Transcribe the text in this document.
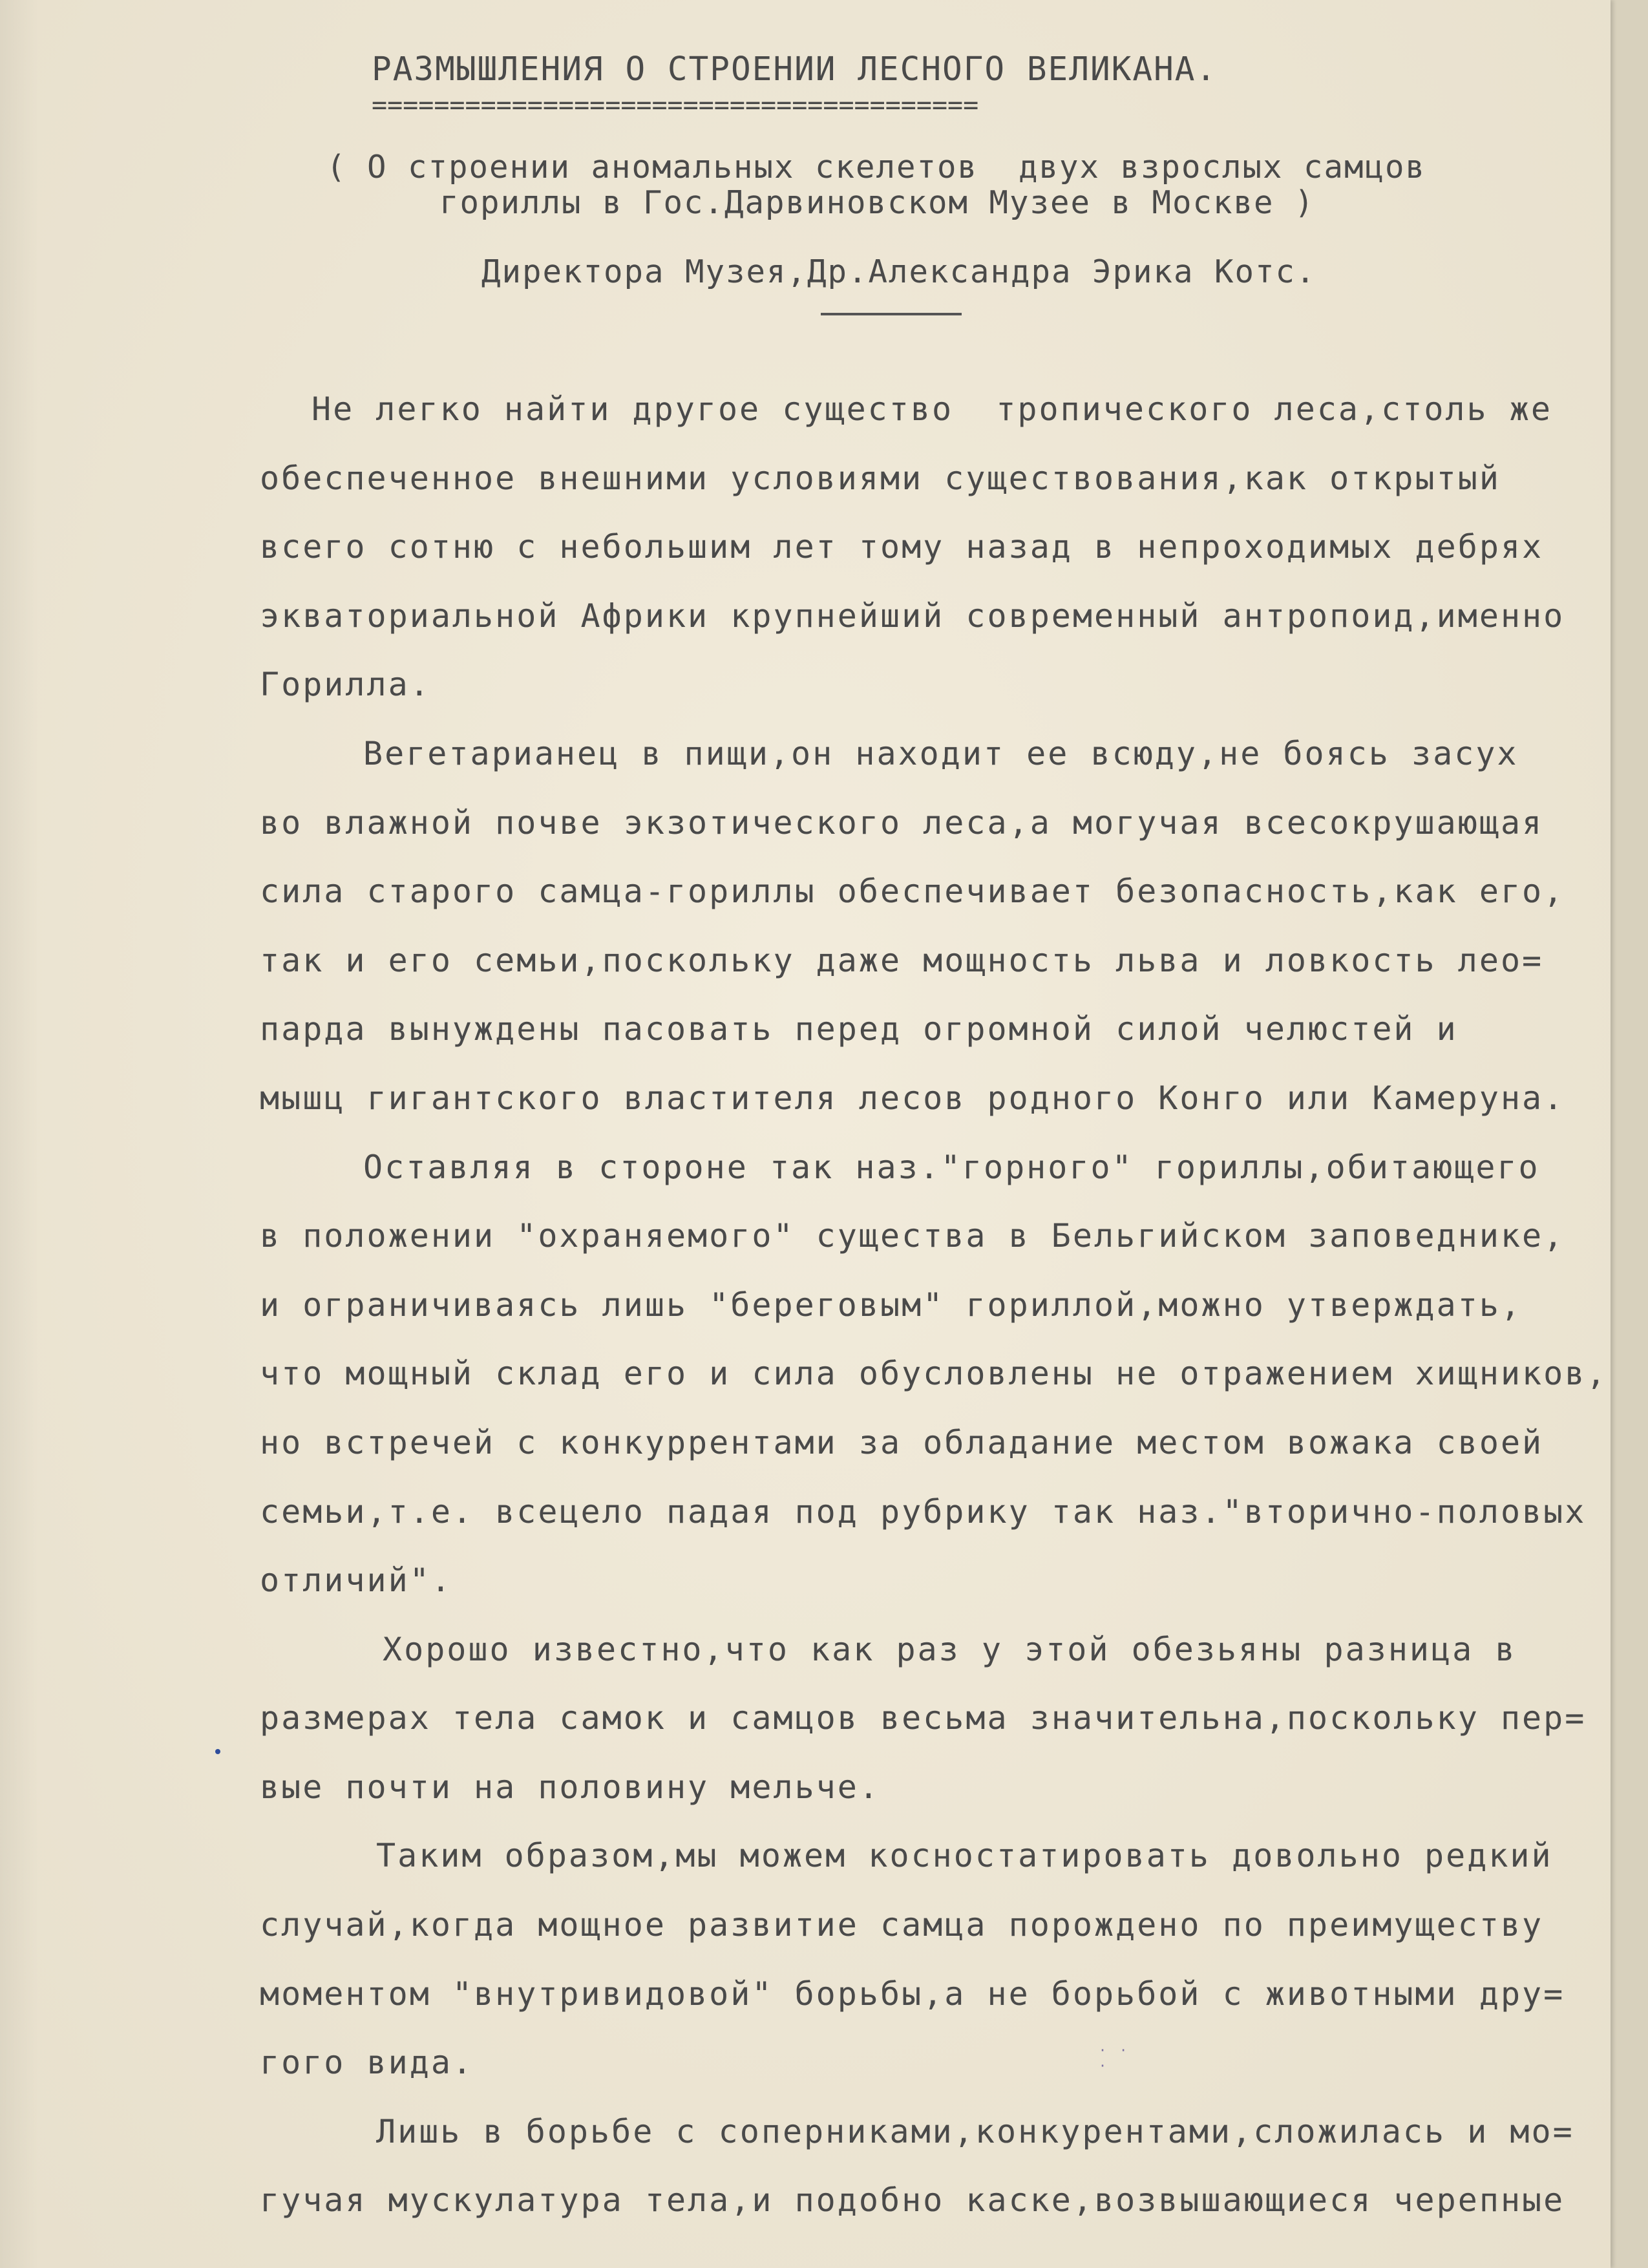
РАЗМЫШЛЕНИЯ О СТРОЕНИИ ЛЕСНОГО ВЕЛИКАНА.
=======================================
( О строении аномальных скелетов  двух взрослых самцов
гориллы в Гос.Дарвиновском Музее в Москве )
Директора Музея,Др.Александра Эрика Котс.
Не легко найти другое существо  тропического леса,столь же
обеспеченное внешними условиями существования,как открытый
всего сотню с небольшим лет тому назад в непроходимых дебрях
экваториальной Африки крупнейший современный антропоид,именно
Горилла.
Вегетарианец в пищи,он находит ее всюду,не боясь засух
во влажной почве экзотического леса,а могучая всесокрушающая
сила старого самца-гориллы обеспечивает безопасность,как его,
так и его семьи,поскольку даже мощность льва и ловкость лео=
парда вынуждены пасовать перед огромной силой челюстей и
мышц гигантского властителя лесов родного Конго или Камеруна.
Оставляя в стороне так наз."горного" гориллы,обитающего
в положении "охраняемого" существа в Бельгийском заповеднике,
и ограничиваясь лишь "береговым" гориллой,можно утверждать,
что мощный склад его и сила обусловлены не отражением хищников,
но встречей с конкуррентами за обладание местом вожака своей
семьи,т.е. всецело падая под рубрику так наз."вторично-половых
отличий".
Хорошо известно,что как раз у этой обезьяны разница в
размерах тела самок и самцов весьма значительна,поскольку пер=
вые почти на половину мельче.
Таким образом,мы можем косностатировать довольно редкий
случай,когда мощное развитие самца порождено по преимуществу
моментом "внутривидовой" борьбы,а не борьбой с животными дру=
гого вида.
Лишь в борьбе с соперниками,конкурентами,сложилась и мо=
гучая мускулатура тела,и подобно каске,возвышающиеся черепные
· · ·
